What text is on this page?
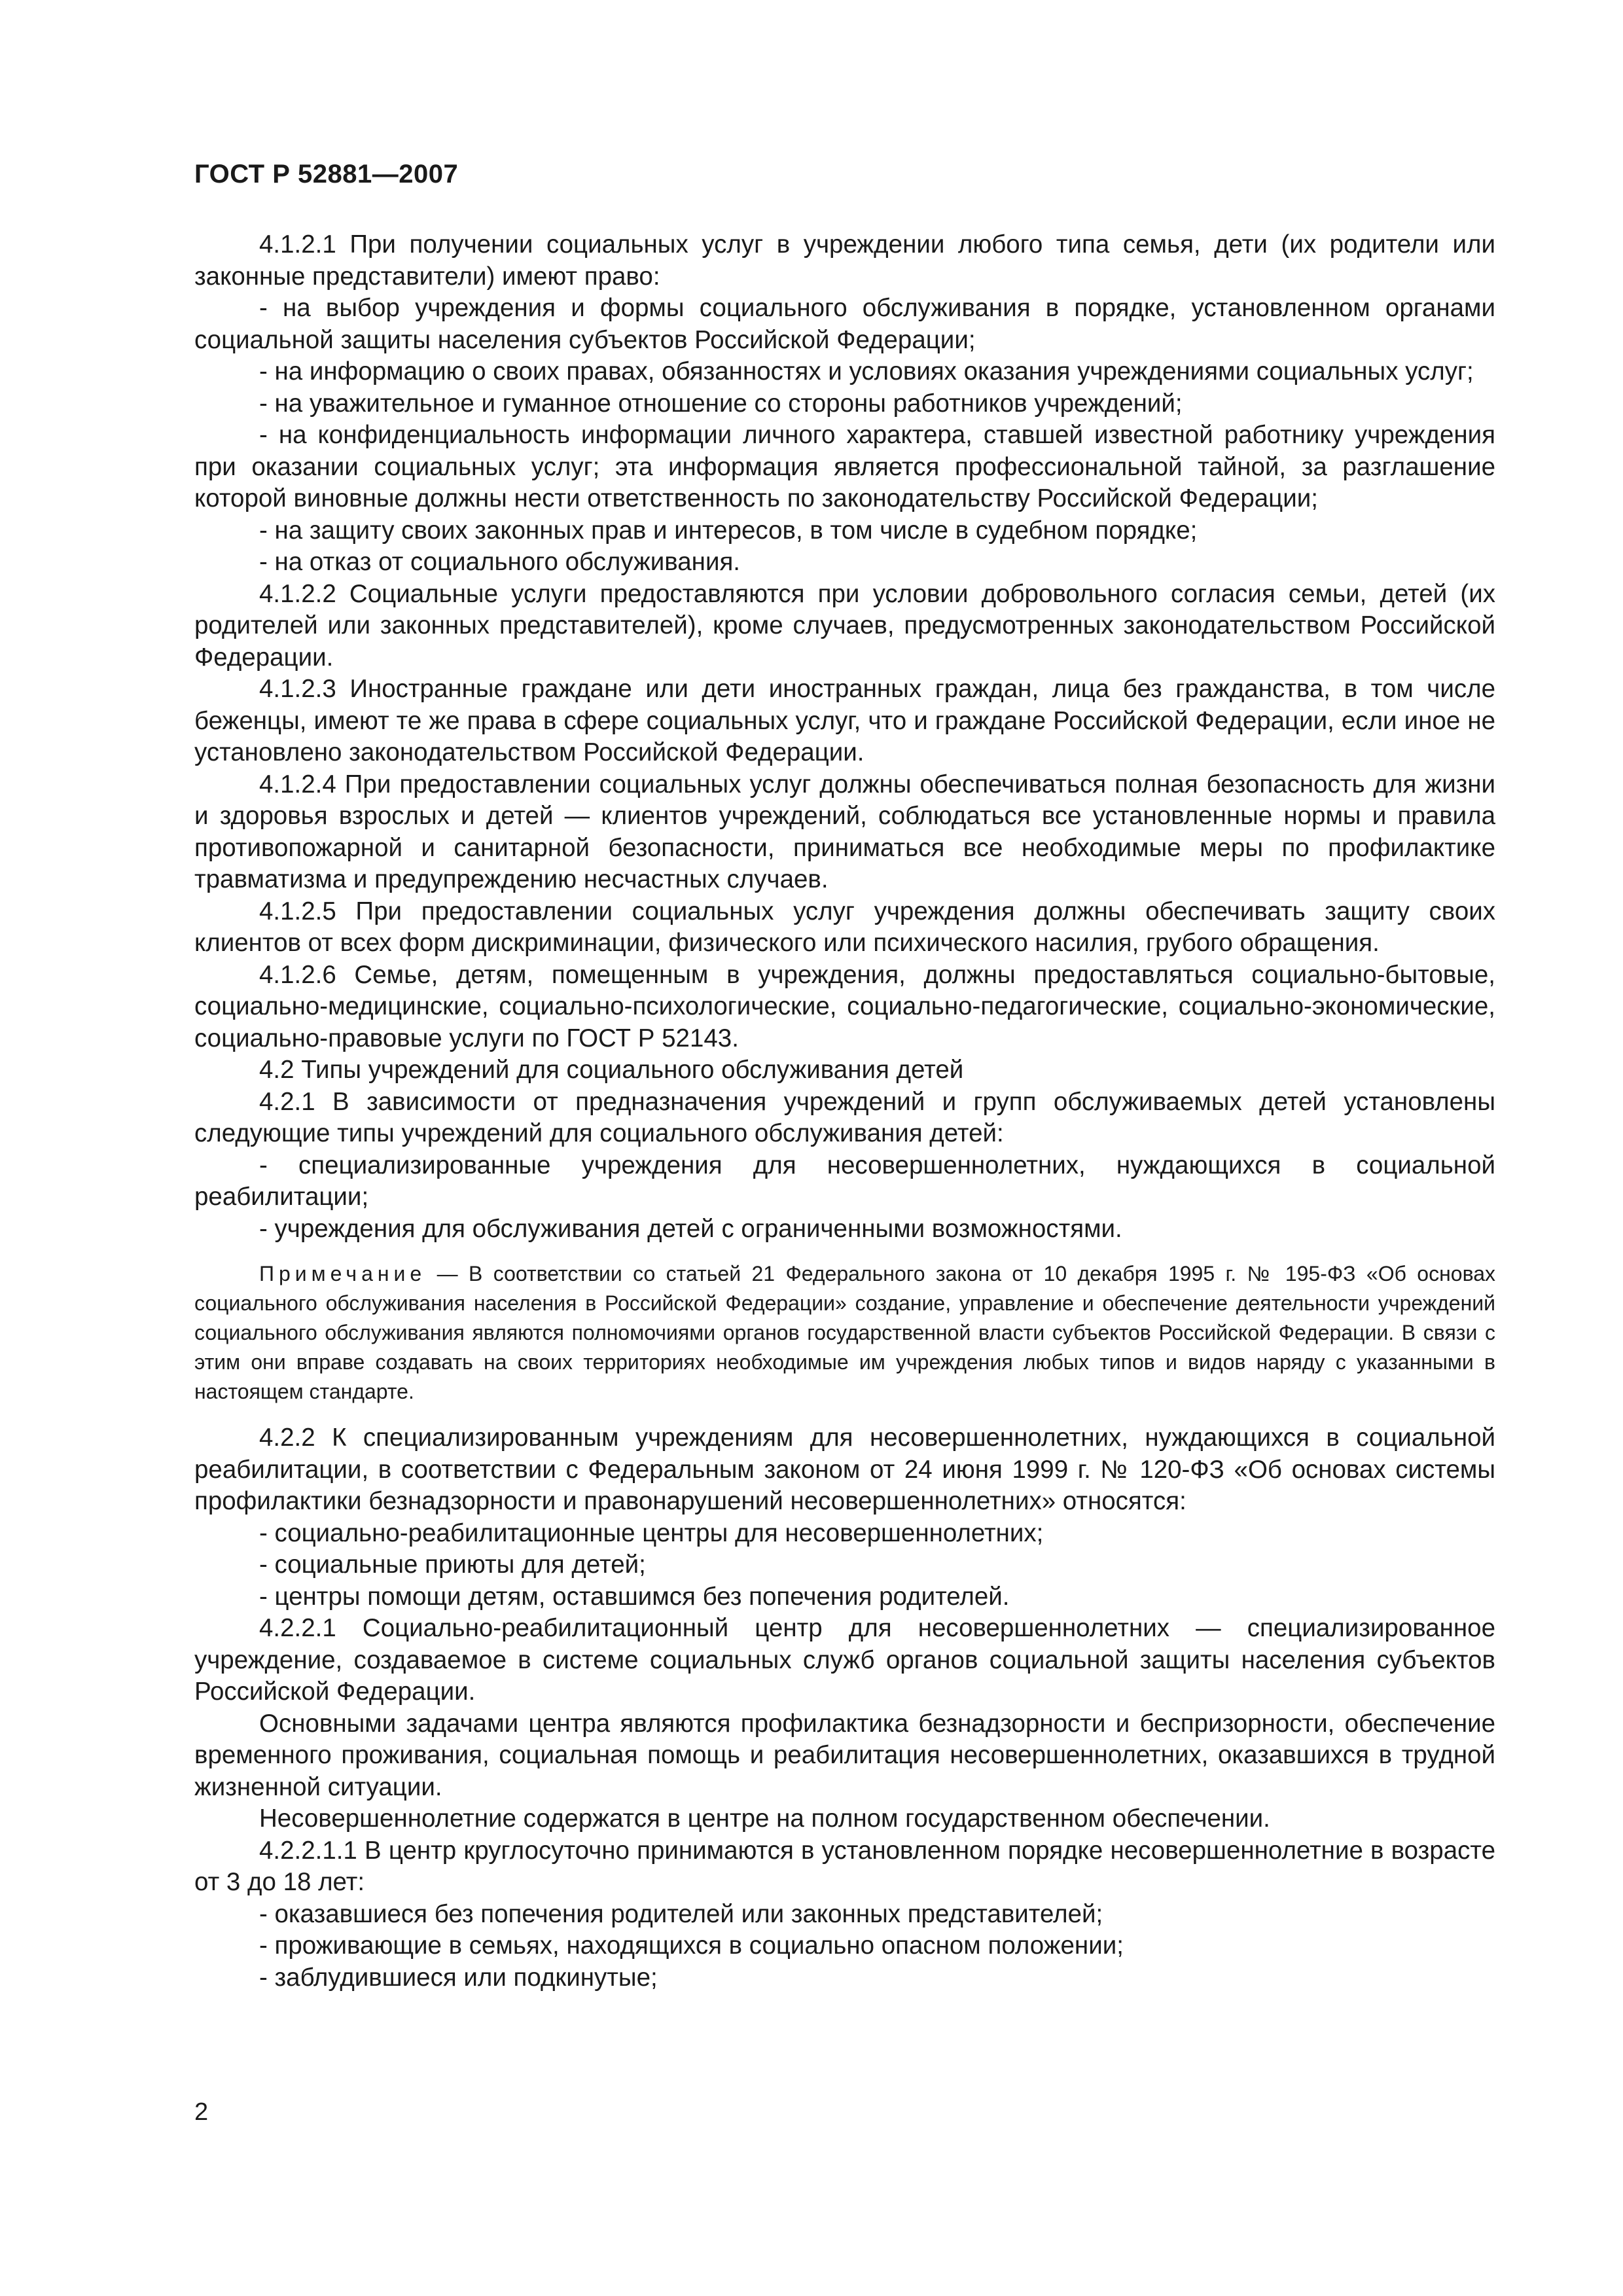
ГОСТ Р 52881—2007

4.1.2.1 При получении социальных услуг в учреждении любого типа семья, дети (их родители или законные представители) имеют право:

- на выбор учреждения и формы социального обслуживания в порядке, установленном органами социальной защиты населения субъектов Российской Федерации;

- на информацию о своих правах, обязанностях и условиях оказания учреждениями социальных услуг;

- на уважительное и гуманное отношение со стороны работников учреждений;

- на конфиденциальность информации личного характера, ставшей известной работнику учреждения при оказании социальных услуг; эта информация является профессиональной тайной, за разглашение которой виновные должны нести ответственность по законодательству Российской Федерации;

- на защиту своих законных прав и интересов, в том числе в судебном порядке;

- на отказ от социального обслуживания.

4.1.2.2 Социальные услуги предоставляются при условии добровольного согласия семьи, детей (их родителей или законных представителей), кроме случаев, предусмотренных законодательством Российской Федерации.

4.1.2.3 Иностранные граждане или дети иностранных граждан, лица без гражданства, в том числе беженцы, имеют те же права в сфере социальных услуг, что и граждане Российской Федерации, если иное не установлено законодательством Российской Федерации.

4.1.2.4 При предоставлении социальных услуг должны обеспечиваться полная безопасность для жизни и здоровья взрослых и детей — клиентов учреждений, соблюдаться все установленные нормы и правила противопожарной и санитарной безопасности, приниматься все необходимые меры по профилактике травматизма и предупреждению несчастных случаев.

4.1.2.5 При предоставлении социальных услуг учреждения должны обеспечивать защиту своих клиентов от всех форм дискриминации, физического или психического насилия, грубого обращения.

4.1.2.6 Семье, детям, помещенным в учреждения, должны предоставляться социально-бытовые, социально-медицинские, социально-психологические, социально-педагогические, социально-экономические, социально-правовые услуги по ГОСТ Р 52143.

4.2 Типы учреждений для социального обслуживания детей

4.2.1 В зависимости от предназначения учреждений и групп обслуживаемых детей установлены следующие типы учреждений для социального обслуживания детей:

- специализированные учреждения для несовершеннолетних, нуждающихся в социальной реабилитации;

- учреждения для обслуживания детей с ограниченными возможностями.

Примечание — В соответствии со статьей 21 Федерального закона от 10 декабря 1995 г. № 195-ФЗ «Об основах социального обслуживания населения в Российской Федерации» создание, управление и обеспечение деятельности учреждений социального обслуживания являются полномочиями органов государственной власти субъектов Российской Федерации. В связи с этим они вправе создавать на своих территориях необходимые им учреждения любых типов и видов наряду с указанными в настоящем стандарте.

4.2.2 К специализированным учреждениям для несовершеннолетних, нуждающихся в социальной реабилитации, в соответствии с Федеральным законом от 24 июня 1999 г. № 120-ФЗ «Об основах системы профилактики безнадзорности и правонарушений несовершеннолетних» относятся:

- социально-реабилитационные центры для несовершеннолетних;

- социальные приюты для детей;

- центры помощи детям, оставшимся без попечения родителей.

4.2.2.1 Социально-реабилитационный центр для несовершеннолетних — специализированное учреждение, создаваемое в системе социальных служб органов социальной защиты населения субъектов Российской Федерации.

Основными задачами центра являются профилактика безнадзорности и беспризорности, обеспечение временного проживания, социальная помощь и реабилитация несовершеннолетних, оказавшихся в трудной жизненной ситуации.

Несовершеннолетние содержатся в центре на полном государственном обеспечении.

4.2.2.1.1 В центр круглосуточно принимаются в установленном порядке несовершеннолетние в возрасте от 3 до 18 лет:

- оказавшиеся без попечения родителей или законных представителей;

- проживающие в семьях, находящихся в социально опасном положении;

- заблудившиеся или подкинутые;

2
